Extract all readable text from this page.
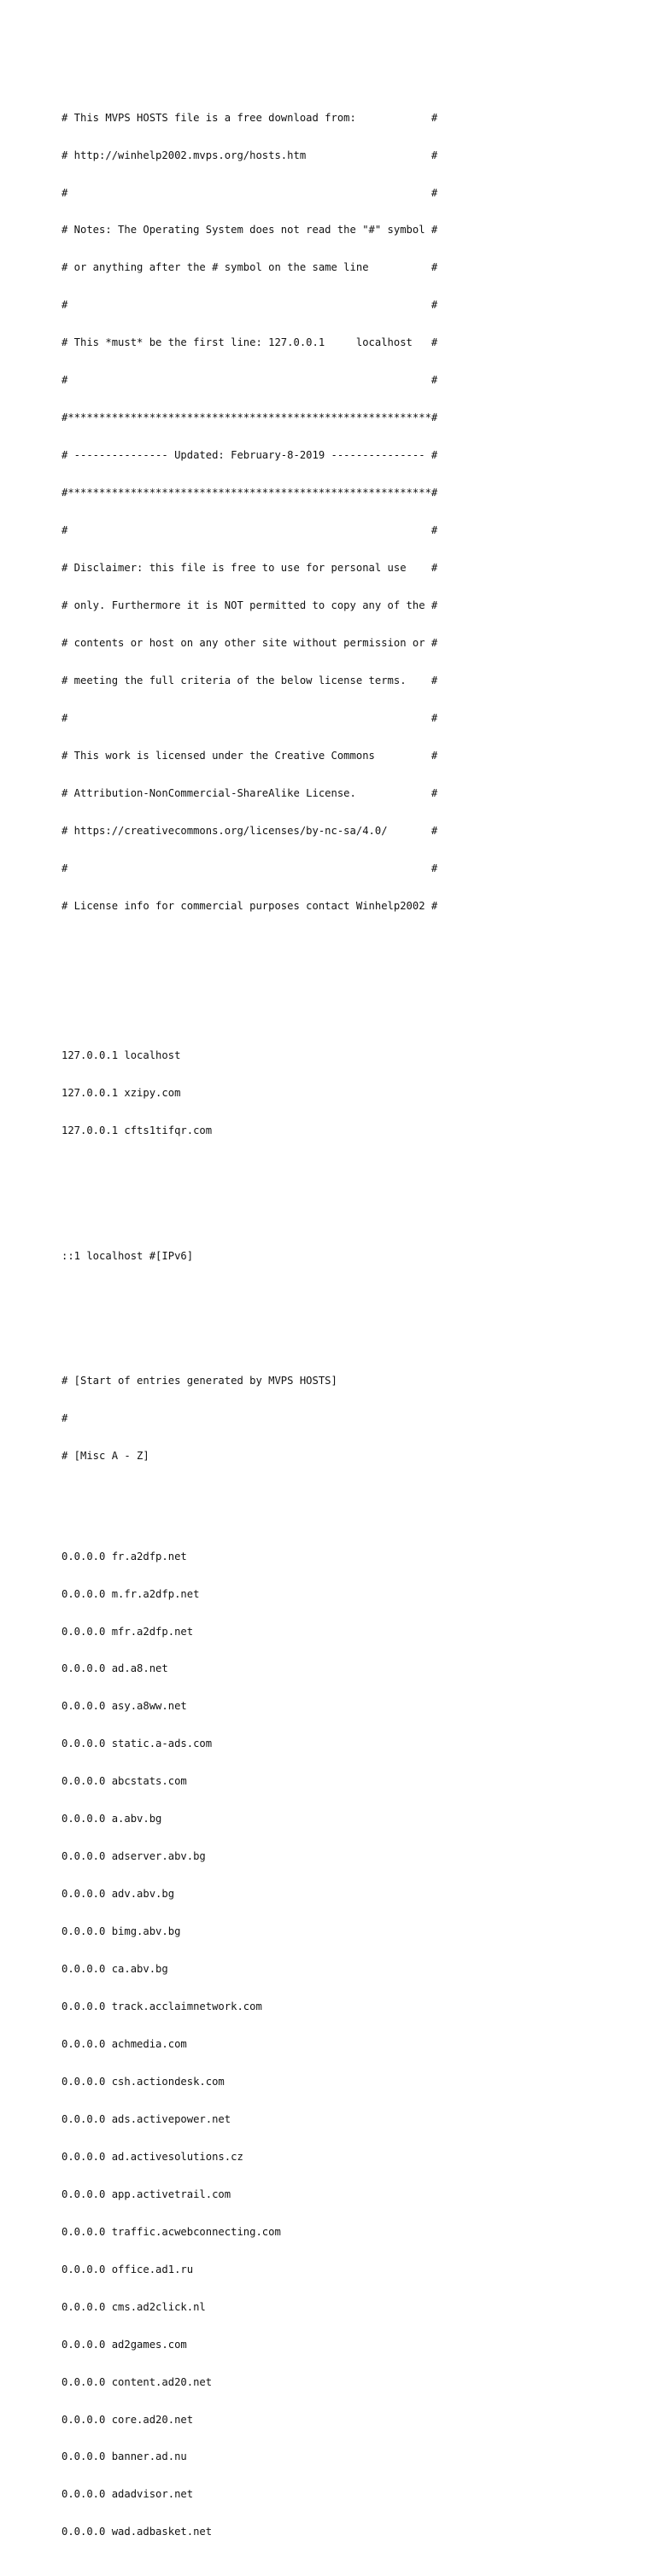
# This MVPS HOSTS file is a free download from:            #

# http://winhelp2002.mvps.org/hosts.htm                    #

#                                                          #

# Notes: The Operating System does not read the "#" symbol #

# or anything after the # symbol on the same line          #

#                                                          #

# This *must* be the first line: 127.0.0.1     localhost   #

#                                                          #

#**********************************************************#

# --------------- Updated: February-8-2019 --------------- #

#**********************************************************#

#                                                          #

# Disclaimer: this file is free to use for personal use    #

# only. Furthermore it is NOT permitted to copy any of the #

# contents or host on any other site without permission or #

# meeting the full criteria of the below license terms.    #

#                                                          #

# This work is licensed under the Creative Commons         #

# Attribution-NonCommercial-ShareAlike License.            #

# https://creativecommons.org/licenses/by-nc-sa/4.0/       #

#                                                          #

# License info for commercial purposes contact Winhelp2002 #

127.0.0.1 localhost

127.0.0.1 xzipy.com

127.0.0.1 cfts1tifqr.com

::1 localhost #[IPv6]

# [Start of entries generated by MVPS HOSTS]

#

# [Misc A - Z]

0.0.0.0 fr.a2dfp.net

0.0.0.0 m.fr.a2dfp.net

0.0.0.0 mfr.a2dfp.net

0.0.0.0 ad.a8.net

0.0.0.0 asy.a8ww.net

0.0.0.0 static.a-ads.com

0.0.0.0 abcstats.com

0.0.0.0 a.abv.bg

0.0.0.0 adserver.abv.bg

0.0.0.0 adv.abv.bg

0.0.0.0 bimg.abv.bg

0.0.0.0 ca.abv.bg

0.0.0.0 track.acclaimnetwork.com

0.0.0.0 achmedia.com

0.0.0.0 csh.actiondesk.com

0.0.0.0 ads.activepower.net

0.0.0.0 ad.activesolutions.cz

0.0.0.0 app.activetrail.com

0.0.0.0 traffic.acwebconnecting.com

0.0.0.0 office.ad1.ru

0.0.0.0 cms.ad2click.nl

0.0.0.0 ad2games.com

0.0.0.0 content.ad20.net

0.0.0.0 core.ad20.net

0.0.0.0 banner.ad.nu

0.0.0.0 adadvisor.net

0.0.0.0 wad.adbasket.net
